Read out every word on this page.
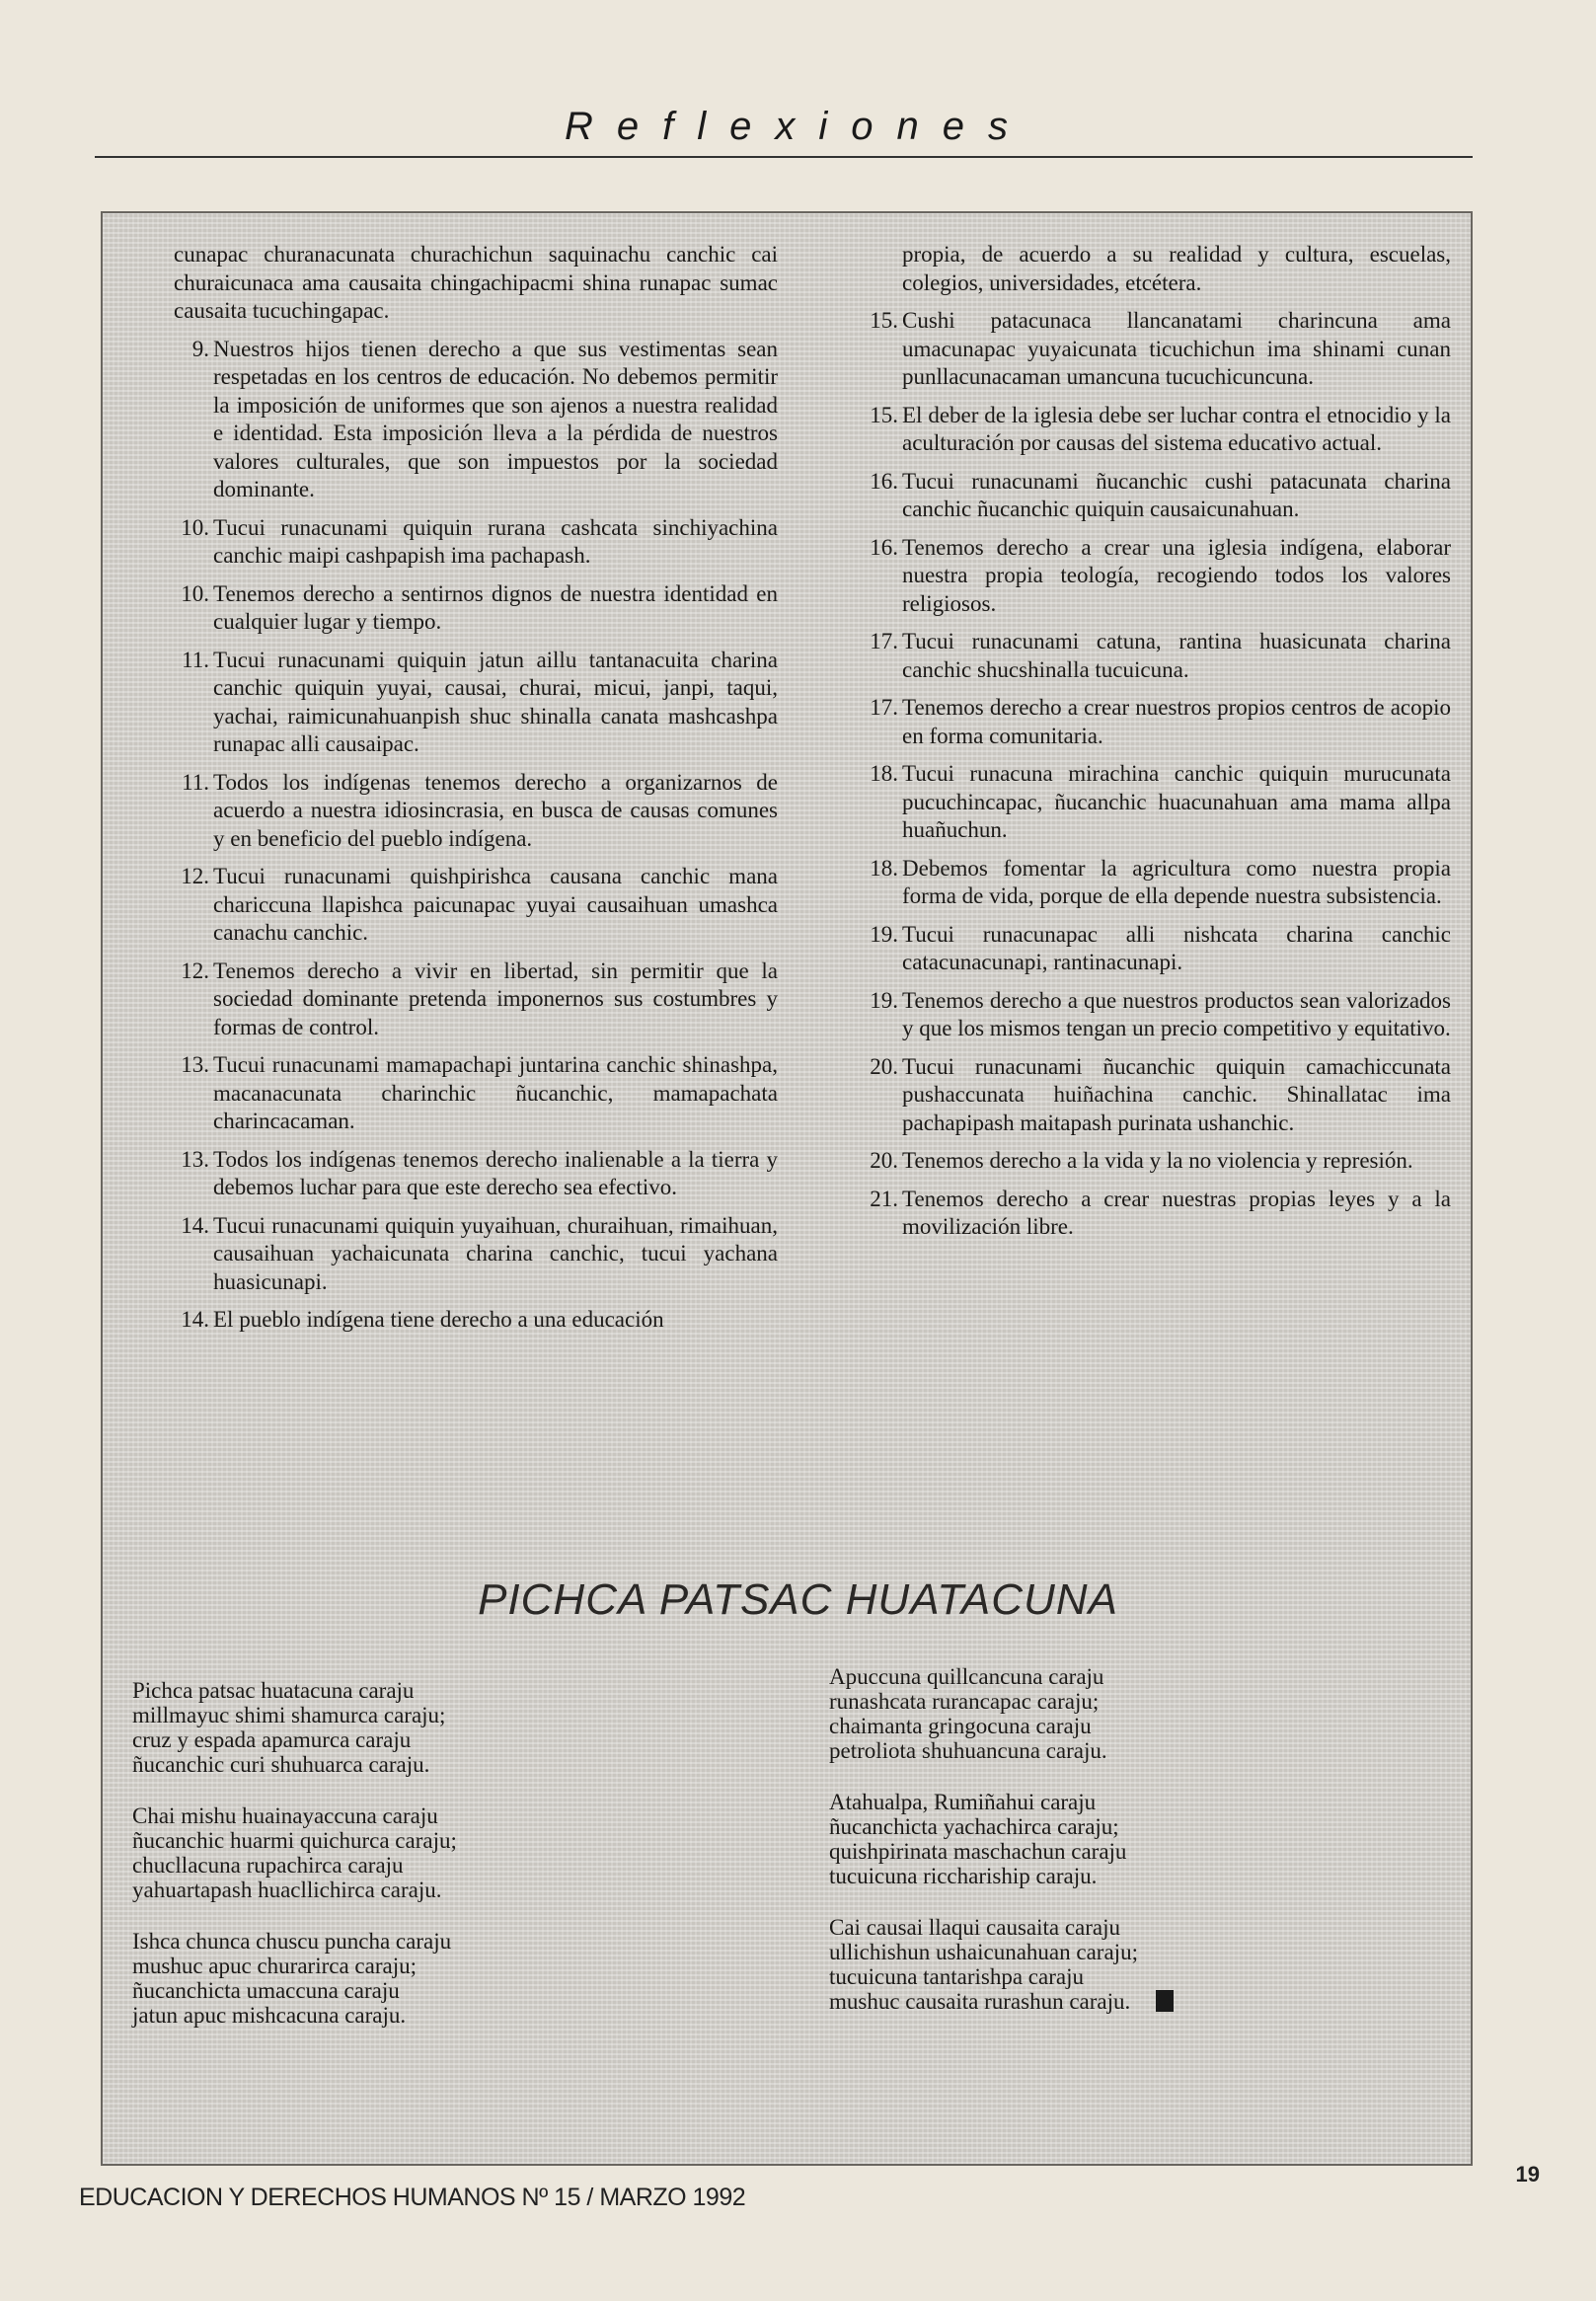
Reflexiones
cunapac churanacunata churachichun saquinachu canchic cai churaicunaca ama causaita chingachipacmi shina runapac sumac causaita tucuchingapac.
9. Nuestros hijos tienen derecho a que sus vestimentas sean respetadas en los centros de educación. No debemos permitir la imposición de uniformes que son ajenos a nuestra realidad e identidad. Esta imposición lleva a la pérdida de nuestros valores culturales, que son impuestos por la sociedad dominante.
10. Tucui runacunami quiquin rurana cashcata sinchiyachina canchic maipi cashpapish ima pachapash.
10. Tenemos derecho a sentirnos dignos de nuestra identidad en cualquier lugar y tiempo.
11. Tucui runacunami quiquin jatun aillu tantanacuita charina canchic quiquin yuyai, causai, churai, micui, janpi, taqui, yachai, raimicunahuanpish shuc shinalla canata mashcashpa runapac alli causaipac.
11. Todos los indígenas tenemos derecho a organizarnos de acuerdo a nuestra idiosincrasia, en busca de causas comunes y en beneficio del pueblo indígena.
12. Tucui runacunami quishpirishca causana canchic mana chariccuna llapishca paicunapac yuyai causaihuan umashca canachu canchic.
12. Tenemos derecho a vivir en libertad, sin permitir que la sociedad dominante pretenda imponernos sus costumbres y formas de control.
13. Tucui runacunami mamapachapi juntarina canchic shinashpa, macanacunata charinchic ñucanchic, mamapachata charincacaman.
13. Todos los indígenas tenemos derecho inalienable a la tierra y debemos luchar para que este derecho sea efectivo.
14. Tucui runacunami quiquin yuyaihuan, churaihuan, rimaihuan, causaihuan yachaicunata charina canchic, tucui yachana huasicunapi.
14. El pueblo indígena tiene derecho a una educación
propia, de acuerdo a su realidad y cultura, escuelas, colegios, universidades, etcétera.
15. Cushi patacunaca llancanatami charincuna ama umacunapac yuyaicunata ticuchichun ima shinami cunan punllacunacaman umancuna tucuchicuncuna.
15. El deber de la iglesia debe ser luchar contra el etnocidio y la aculturación por causas del sistema educativo actual.
16. Tucui runacunami ñucanchic cushi patacunata charina canchic ñucanchic quiquin causaicunahuan.
16. Tenemos derecho a crear una iglesia indígena, elaborar nuestra propia teología, recogiendo todos los valores religiosos.
17. Tucui runacunami catuna, rantina huasicunata charina canchic shucshinalla tucuicuna.
17. Tenemos derecho a crear nuestros propios centros de acopio en forma comunitaria.
18. Tucui runacuna mirachina canchic quiquin murucunata pucuchincapac, ñucanchic huacunahuan ama mama allpa huañuchun.
18. Debemos fomentar la agricultura como nuestra propia forma de vida, porque de ella depende nuestra subsistencia.
19. Tucui runacunapac alli nishcata charina canchic catacunacunapi, rantinacunapi.
19. Tenemos derecho a que nuestros productos sean valorizados y que los mismos tengan un precio competitivo y equitativo.
20. Tucui runacunami ñucanchic quiquin camachiccunata pushaccunata huiñachina canchic. Shinallatac ima pachapipash maitapash purinata ushanchic.
20. Tenemos derecho a la vida y la no violencia y represión.
21. Tenemos derecho a crear nuestras propias leyes y a la movilización libre.
PICHCA PATSAC HUATACUNA
Pichca patsac huatacuna caraju
millmayuc shimi shamurca caraju;
cruz y espada apamurca caraju
ñucanchic curi shuhuarca caraju.
Chai mishu huainayaccuna caraju
ñucanchic huarmi quichurca caraju;
chucllacuna rupachirca caraju
yahuartapash huacllichirca caraju.
Ishca chunca chuscu puncha caraju
mushuc apuc churarirca caraju;
ñucanchicta umaccuna caraju
jatun apuc mishcacuna caraju.
Apuccuna quillcancuna caraju
runashcata rurancapac caraju;
chaimanta gringocuna caraju
petroliota shuhuancuna caraju.
Atahualpa, Rumiñahui caraju
ñucanchicta yachachirca caraju;
quishpirinata maschachun caraju
tucuicuna ricchariship caraju.
Cai causai llaqui causaita caraju
ullichishun ushaicunahuan caraju;
tucuicuna tantarishpa caraju
mushuc causaita rurashun caraju.
EDUCACION Y DERECHOS HUMANOS Nº 15 / MARZO 1992
19
